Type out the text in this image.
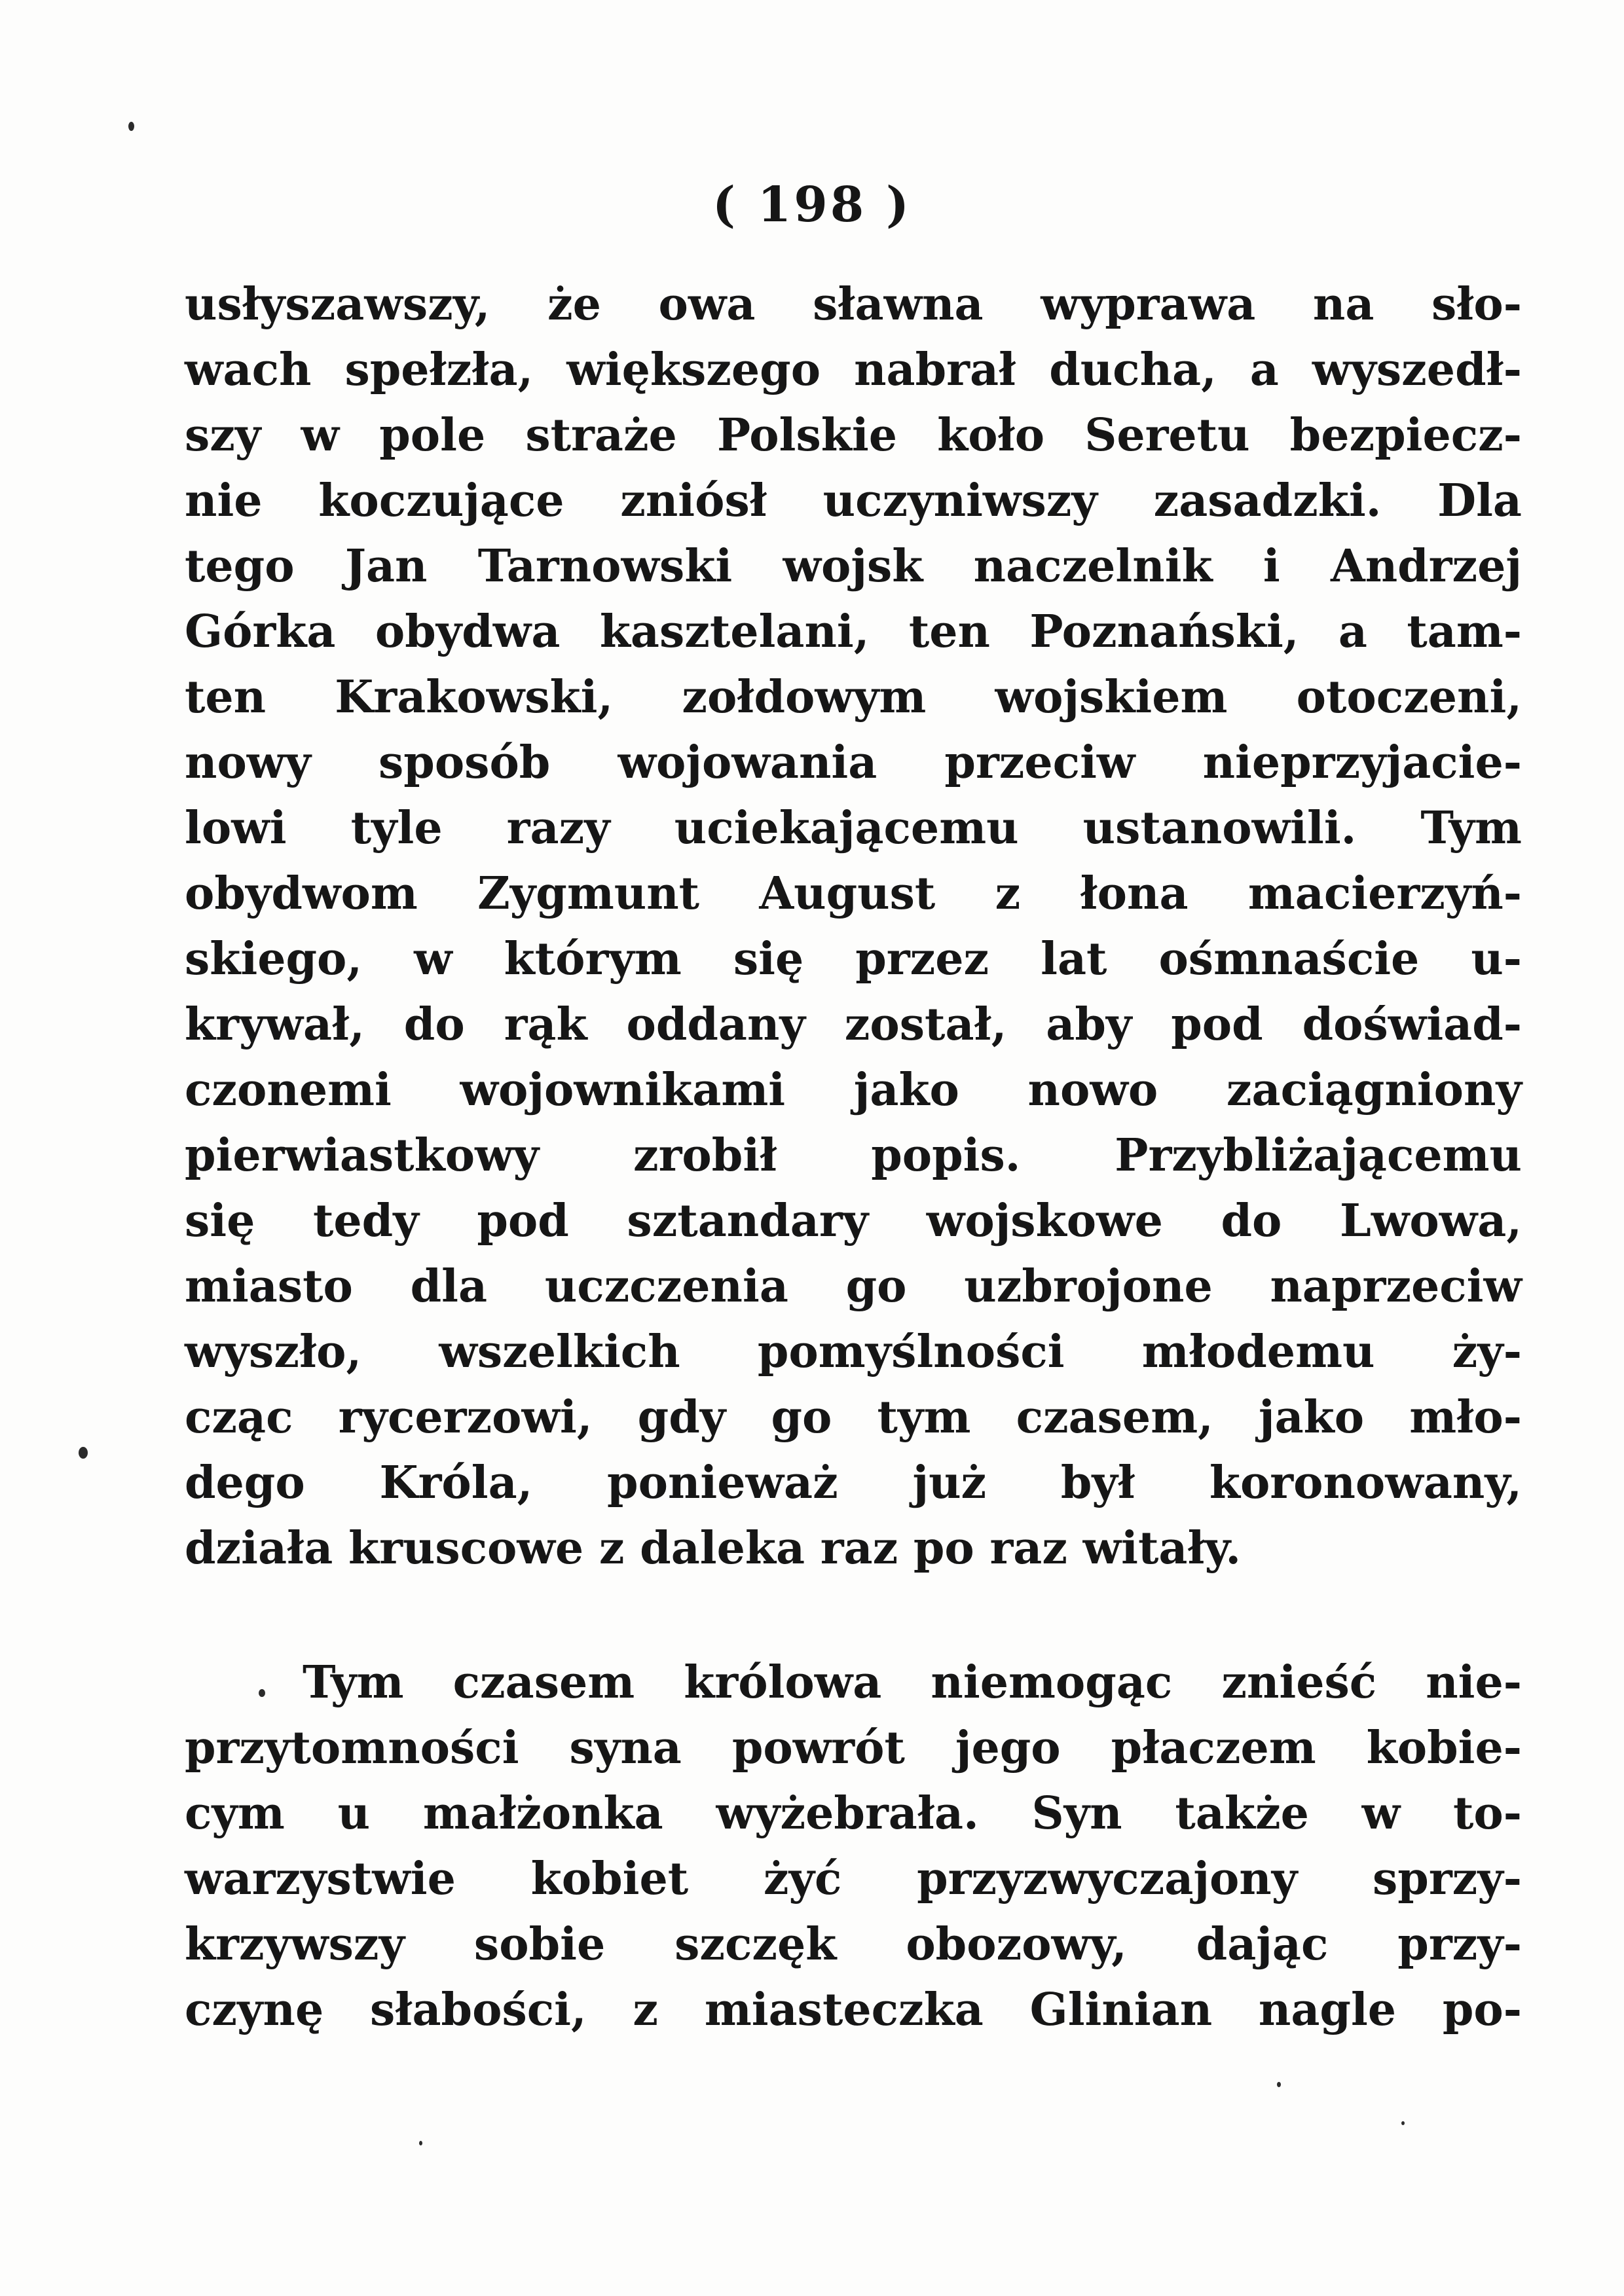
( 198 )
usłyszawszy, że owa sławna wyprawa na sło-
wach spełzła, większego nabrał ducha, a wyszedł-
szy w pole straże Polskie koło Seretu bezpiecz-
nie koczujące zniósł uczyniwszy zasadzki. Dla
tego Jan Tarnowski wojsk naczelnik i Andrzej
Górka obydwa kasztelani, ten Poznański, a tam-
ten Krakowski, zołdowym wojskiem otoczeni,
nowy sposób wojowania przeciw nieprzyjacie-
lowi tyle razy uciekającemu ustanowili. Tym
obydwom Zygmunt August z łona macierzyń-
skiego, w którym się przez lat ośmnaście u-
krywał, do rąk oddany został, aby pod doświad-
czonemi wojownikami jako nowo zaciągniony
pierwiastkowy zrobił popis. Przybliżającemu
się tedy pod sztandary wojskowe do Lwowa,
miasto dla uczczenia go uzbrojone naprzeciw
wyszło, wszelkich pomyślności młodemu ży-
cząc rycerzowi, gdy go tym czasem, jako mło-
dego Króla, ponieważ już był koronowany,
działa kruscowe z daleka raz po raz witały.
Tym czasem królowa niemogąc znieść nie-
przytomności syna powrót jego płaczem kobie-
cym u małżonka wyżebrała. Syn także w to-
warzystwie kobiet żyć przyzwyczajony sprzy-
krzywszy sobie szczęk obozowy, dając przy-
czynę słabości, z miasteczka Glinian nagle po-
